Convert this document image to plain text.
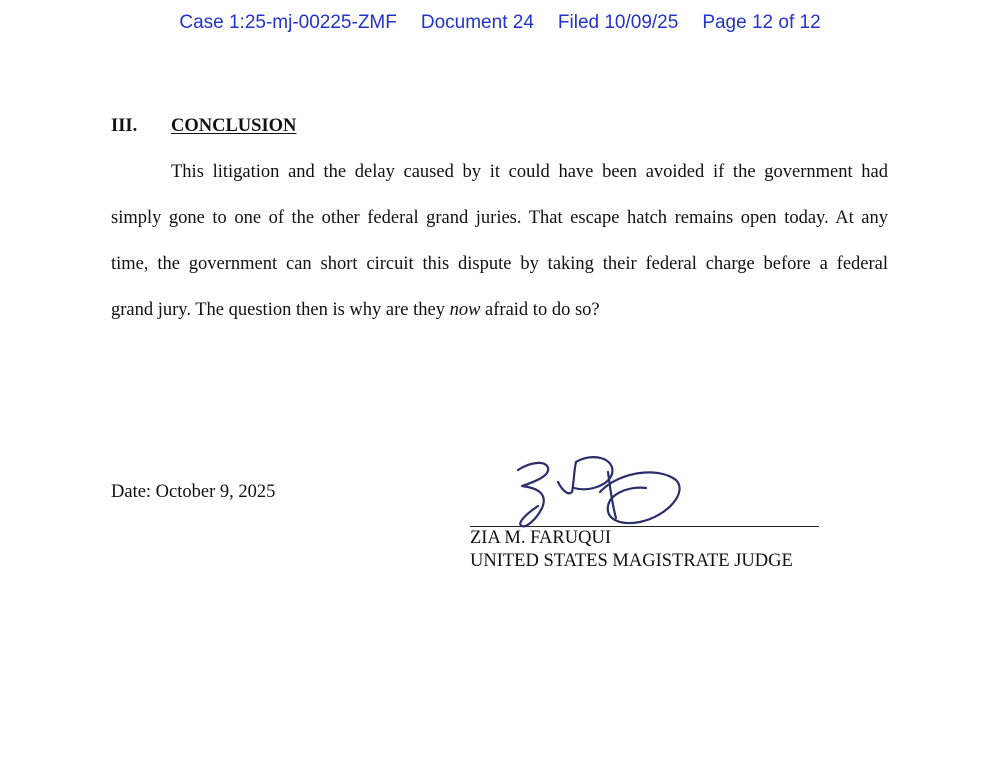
Case 1:25-mj-00225-ZMF Document 24 Filed 10/09/25 Page 12 of 12
III. CONCLUSION
This litigation and the delay caused by it could have been avoided if the government had
simply gone to one of the other federal grand juries. That escape hatch remains open today. At any
time, the government can short circuit this dispute by taking their federal charge before a federal
grand jury. The question then is why are they now afraid to do so?
Date: October 9, 2025
ZIA M. FARUQUI
UNITED STATES MAGISTRATE JUDGE
